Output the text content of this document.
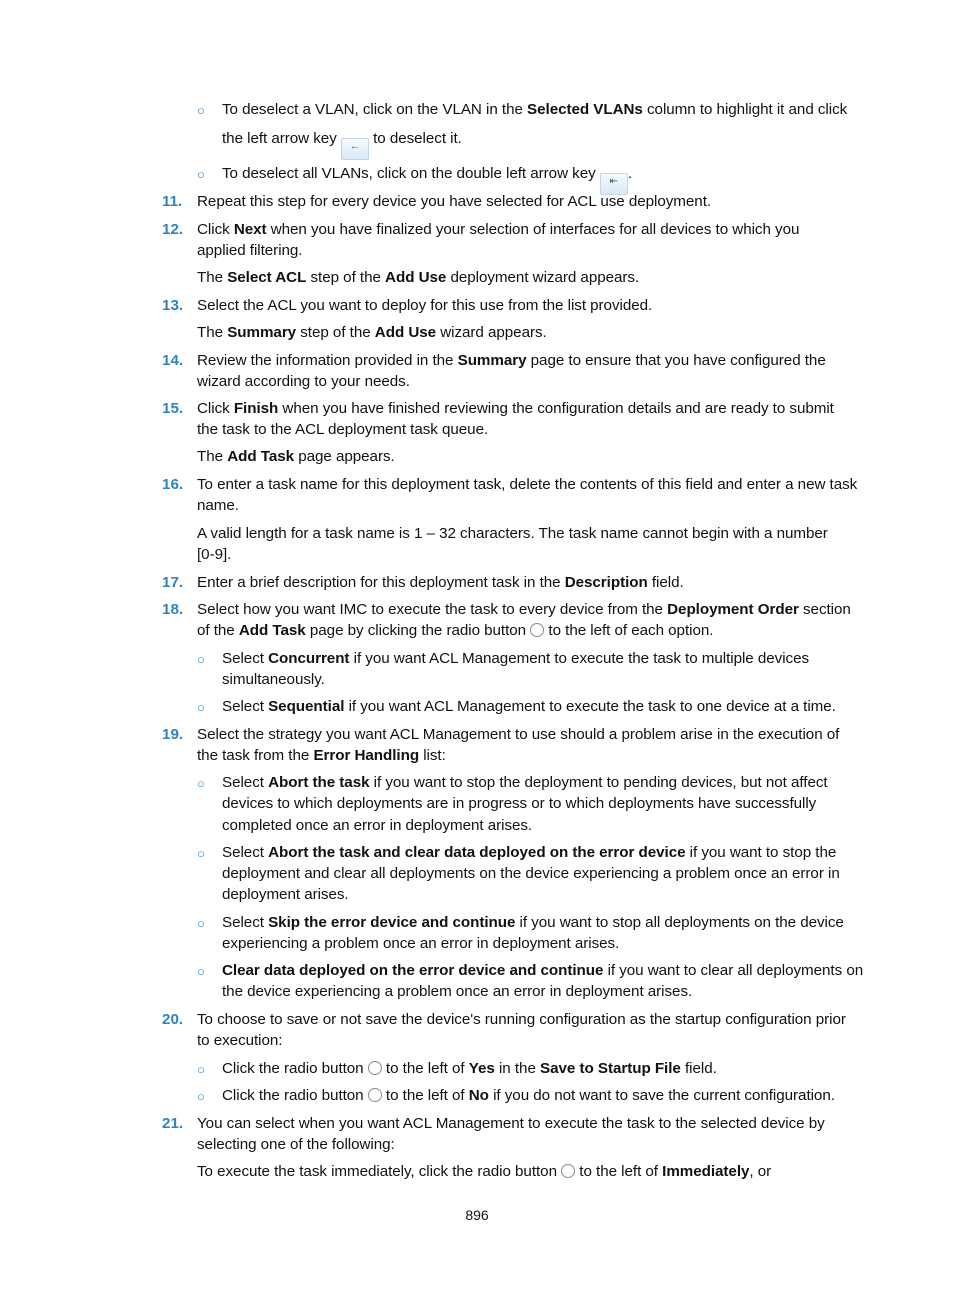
○ To deselect a VLAN, click on the VLAN in the Selected VLANs column to highlight it and click
the left arrow key ← to deselect it.
○ To deselect all VLANs, click on the double left arrow key ⇤ .
11. Repeat this step for every device you have selected for ACL use deployment.
12. Click Next when you have finalized your selection of interfaces for all devices to which you
applied filtering.
The Select ACL step of the Add Use deployment wizard appears.
13. Select the ACL you want to deploy for this use from the list provided.
The Summary step of the Add Use wizard appears.
14. Review the information provided in the Summary page to ensure that you have configured the
wizard according to your needs.
15. Click Finish when you have finished reviewing the configuration details and are ready to submit
the task to the ACL deployment task queue.
The Add Task page appears.
16. To enter a task name for this deployment task, delete the contents of this field and enter a new task
name.
A valid length for a task name is 1 – 32 characters. The task name cannot begin with a number
[0-9].
17. Enter a brief description for this deployment task in the Description field.
18. Select how you want IMC to execute the task to every device from the Deployment Order section
of the Add Task page by clicking the radio button  to the left of each option.
○ Select Concurrent if you want ACL Management to execute the task to multiple devices
simultaneously.
○ Select Sequential if you want ACL Management to execute the task to one device at a time.
19. Select the strategy you want ACL Management to use should a problem arise in the execution of
the task from the Error Handling list:
○ Select Abort the task if you want to stop the deployment to pending devices, but not affect
devices to which deployments are in progress or to which deployments have successfully
completed once an error in deployment arises.
○ Select Abort the task and clear data deployed on the error device if you want to stop the
deployment and clear all deployments on the device experiencing a problem once an error in
deployment arises.
○ Select Skip the error device and continue if you want to stop all deployments on the device
experiencing a problem once an error in deployment arises.
○ Clear data deployed on the error device and continue if you want to clear all deployments on
the device experiencing a problem once an error in deployment arises.
20. To choose to save or not save the device's running configuration as the startup configuration prior
to execution:
○ Click the radio button  to the left of Yes in the Save to Startup File field.
○ Click the radio button  to the left of No if you do not want to save the current configuration.
21. You can select when you want ACL Management to execute the task to the selected device by
selecting one of the following:
To execute the task immediately, click the radio button  to the left of Immediately, or
896
